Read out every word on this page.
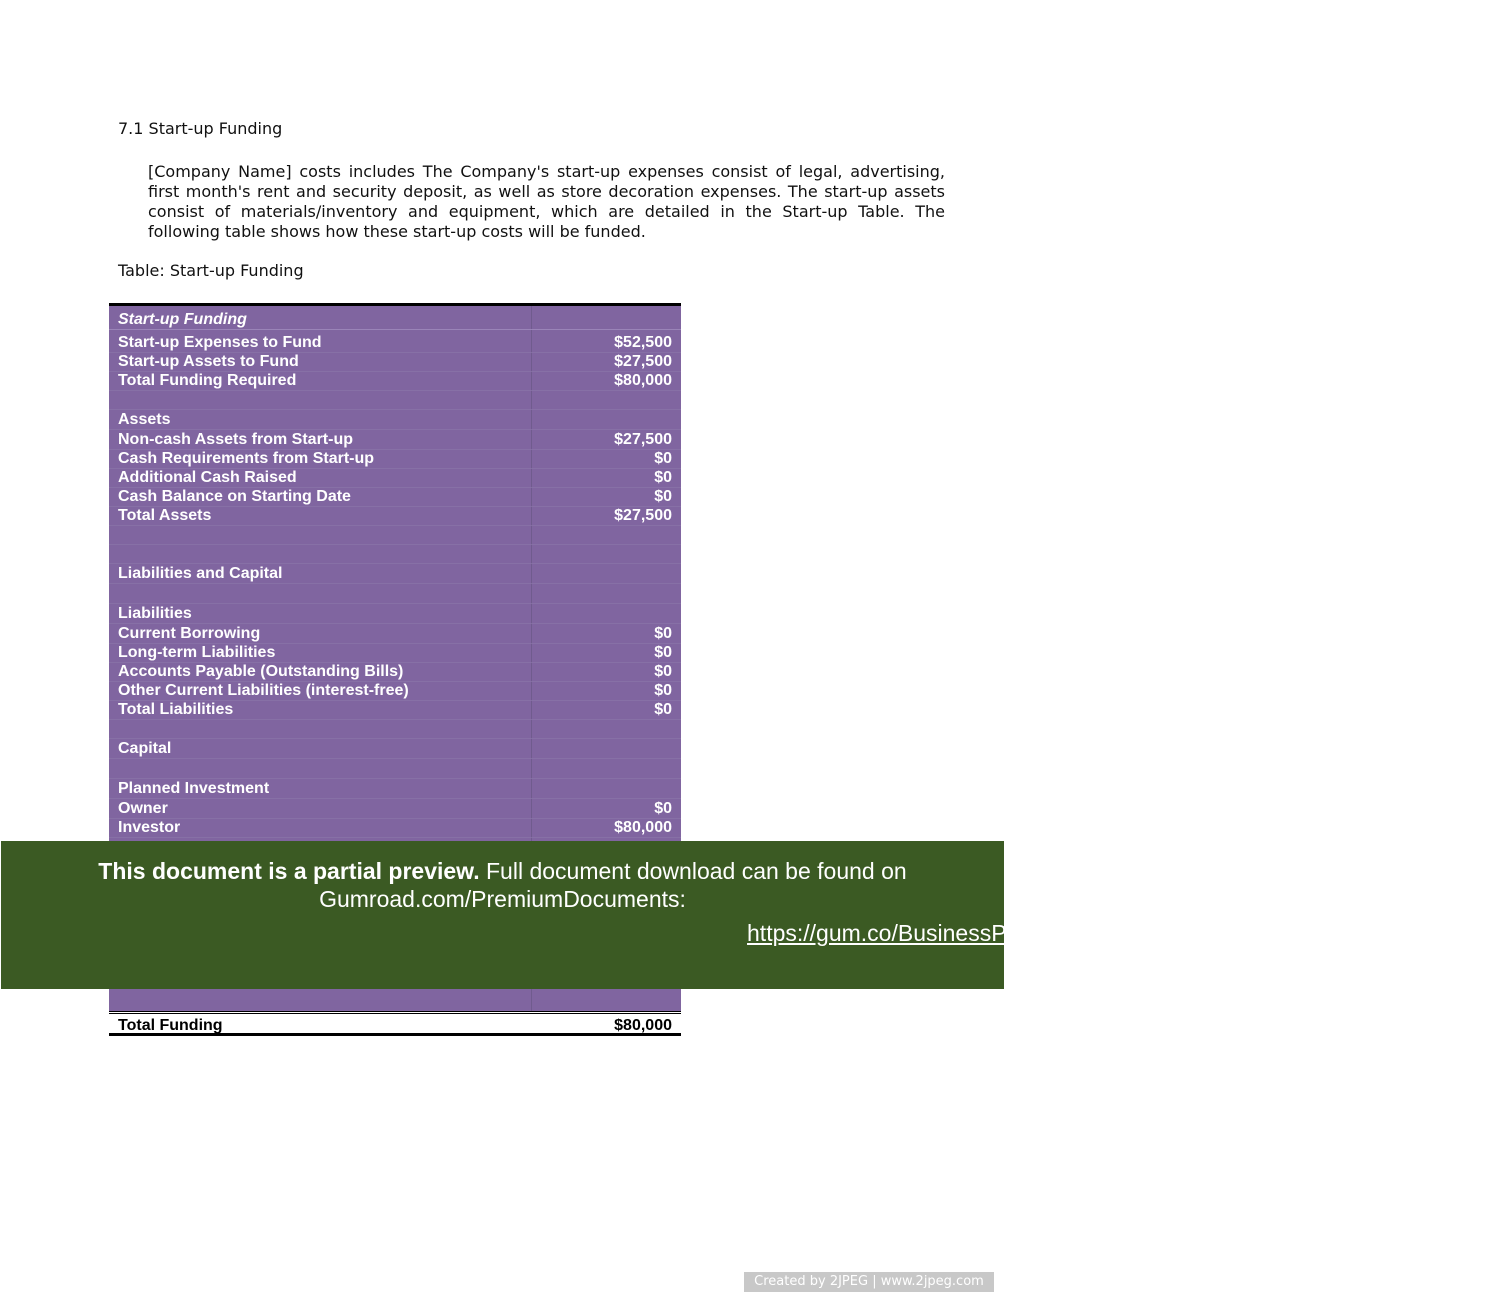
7.1 Start-up Funding

[Company Name] costs includes The Company's start-up expenses consist of legal, advertising, first month's rent and security deposit, as well as store decoration expenses. The start-up assets consist of materials/inventory and equipment, which are detailed in the Start-up Table. The following table shows how these start-up costs will be funded.

Table: Start-up Funding
Start-up Funding
Start-up Expenses to Fund	$52,500
Start-up Assets to Fund	$27,500
Total Funding Required	$80,000
Assets
Non-cash Assets from Start-up	$27,500
Cash Requirements from Start-up	$0
Additional Cash Raised	$0
Cash Balance on Starting Date	$0
Total Assets	$27,500
Liabilities and Capital
Liabilities
Current Borrowing	$0
Long-term Liabilities	$0
Accounts Payable (Outstanding Bills)	$0
Other Current Liabilities (interest-free)	$0
Total Liabilities	$0
Capital
Planned Investment
Owner	$0
Investor	$80,000
Total Funding	$80,000
This document is a partial preview. Full document download can be found on Gumroad.com/PremiumDocuments:
https://gum.co/BusinessPlanforBeautySupplyStore
Created by 2JPEG | www.2jpeg.com
